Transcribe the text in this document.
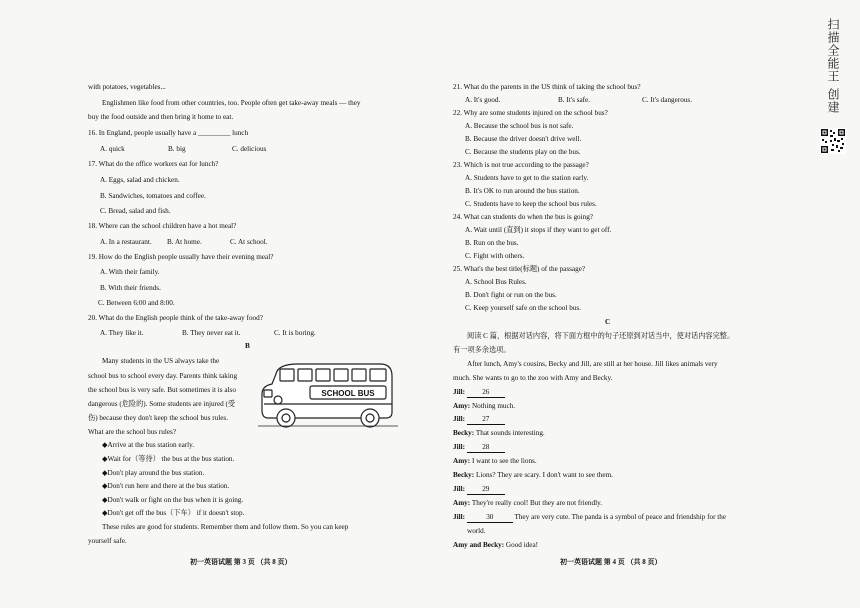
with potatoes, vegetables...
Englishmen like food from other countries, too. People often get take-away meals — they
buy the food outside and then bring it home to eat.
16. In England, people usually have a _________ lunch
A. quick	B. big	C. delicious
17. What do the office workers eat for lunch?
A. Eggs, salad and chicken.
B. Sandwiches, tomatoes and coffee.
C. Bread, salad and fish.
18. Where can the school children have a hot meal?
A. In a restaurant. B. At home.	C. At school.
19. How do the English people usually have their evening meal?
A. With their family.
B. With their friends.
C. Between 6:00 and 8:00.
20. What do the English people think of the take-away food?
A. They like it.	B. They never eat it.	C. It is boring.
B
Many students in the US always take the
school bus to school every day. Parents think taking
the school bus is very safe. But sometimes it is also
dangerous (危险的). Some students are injured (受
伤) because they don't keep the school bus rules.
What are the school bus rules?
◆Arrive at the bus station early.
◆Wait for（等待） the bus at the bus station.
◆Don't play around the bus station.
◆Don't run here and there at the bus station.
◆Don't walk or fight on the bus when it is going.
◆Don't get off the bus（下车） if it doesn't stop.
These rules are good for students. Remember them and follow them. So you can keep
yourself safe.
初一英语试题 第 3 页 （共 8 页）
SCHOOL BUS
21. What do the parents in the US think of taking the school bus?
A. It's good.	B. It's safe.	C. It's dangerous.
22. Why are some students injured on the school bus?
A. Because the school bus is not safe.
B. Because the driver doesn't drive well.
C. Because the students play on the bus.
23. Which is not true according to the passage?
A. Students have to get to the station early.
B. It's OK to run around the bus station.
C. Students have to keep the school bus rules.
24. What can students do when the bus is going?
A. Wait until (直到) it stops if they want to get off.
B. Run on the bus.
C. Fight with others.
25. What's the best title(标题) of the passage?
A. School Bus Rules.
B. Don't fight or run on the bus.
C. Keep yourself safe on the school bus.
C
阅读 C 篇，根据对话内容，将下面方框中的句子还原到对话当中，使对话内容完整。
有一项多余选项。
After lunch, Amy's cousins, Becky and Jill, are still at her house. Jill likes animals very
much. She wants to go to the zoo with Amy and Becky.
Jill: 26
Amy: Nothing much.
Jill: 27
Becky: That sounds interesting.
Jill: 28
Amy: I want to see the lions.
Becky: Lions? They are scary. I don't want to see them.
Jill: 29
Amy: They're really cool! But they are not friendly.
Jill:	30	They are very cute. The panda is a symbol of peace and friendship for the
world.
Amy and Becky: Good idea!
初一英语试题 第 4 页 （共 8 页）
扫描全能王 创建
